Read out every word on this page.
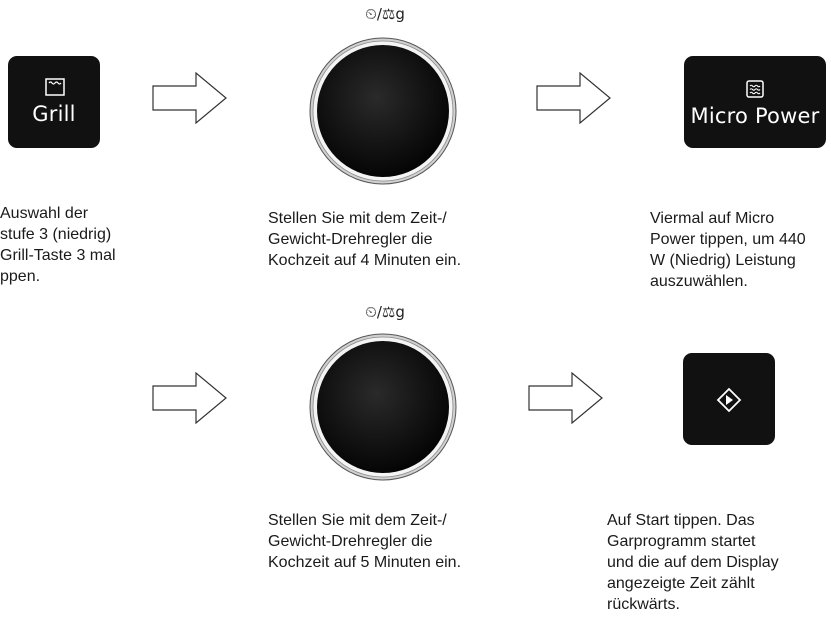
Grill
⏲/⚖g
Micro Power
Auswahl der
stufe 3 (niedrig)
Grill-Taste 3 mal
ppen.
Stellen Sie mit dem Zeit-/
Gewicht-Drehregler die
Kochzeit auf 4 Minuten ein.
Viermal auf Micro
Power tippen, um 440
W (Niedrig) Leistung
auszuwählen.
⏲/⚖g
Stellen Sie mit dem Zeit-/
Gewicht-Drehregler die
Kochzeit auf 5 Minuten ein.
Auf Start tippen. Das
Garprogramm startet
und die auf dem Display
angezeigte Zeit zählt
rückwärts.
